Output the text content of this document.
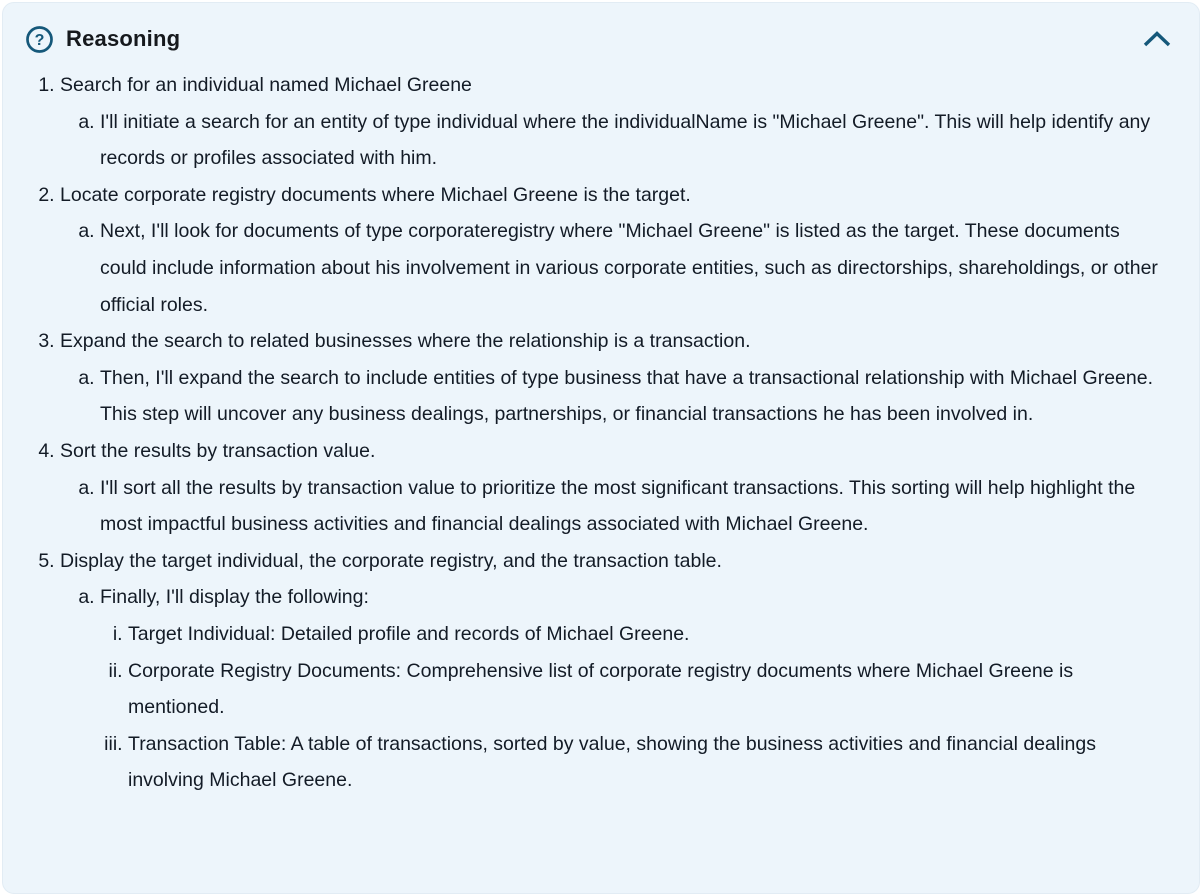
? Reasoning
1. Search for an individual named Michael Greene
a. I'll initiate a search for an entity of type individual where the individualName is "Michael Greene". This will help identify any records or profiles associated with him.
2. Locate corporate registry documents where Michael Greene is the target.
a. Next, I'll look for documents of type corporateregistry where "Michael Greene" is listed as the target. These documents could include information about his involvement in various corporate entities, such as directorships, shareholdings, or other official roles.
3. Expand the search to related businesses where the relationship is a transaction.
a. Then, I'll expand the search to include entities of type business that have a transactional relationship with Michael Greene. This step will uncover any business dealings, partnerships, or financial transactions he has been involved in.
4. Sort the results by transaction value.
a. I'll sort all the results by transaction value to prioritize the most significant transactions. This sorting will help highlight the most impactful business activities and financial dealings associated with Michael Greene.
5. Display the target individual, the corporate registry, and the transaction table.
a. Finally, I'll display the following:
i. Target Individual: Detailed profile and records of Michael Greene.
ii. Corporate Registry Documents: Comprehensive list of corporate registry documents where Michael Greene is mentioned.
iii. Transaction Table: A table of transactions, sorted by value, showing the business activities and financial dealings involving Michael Greene.
